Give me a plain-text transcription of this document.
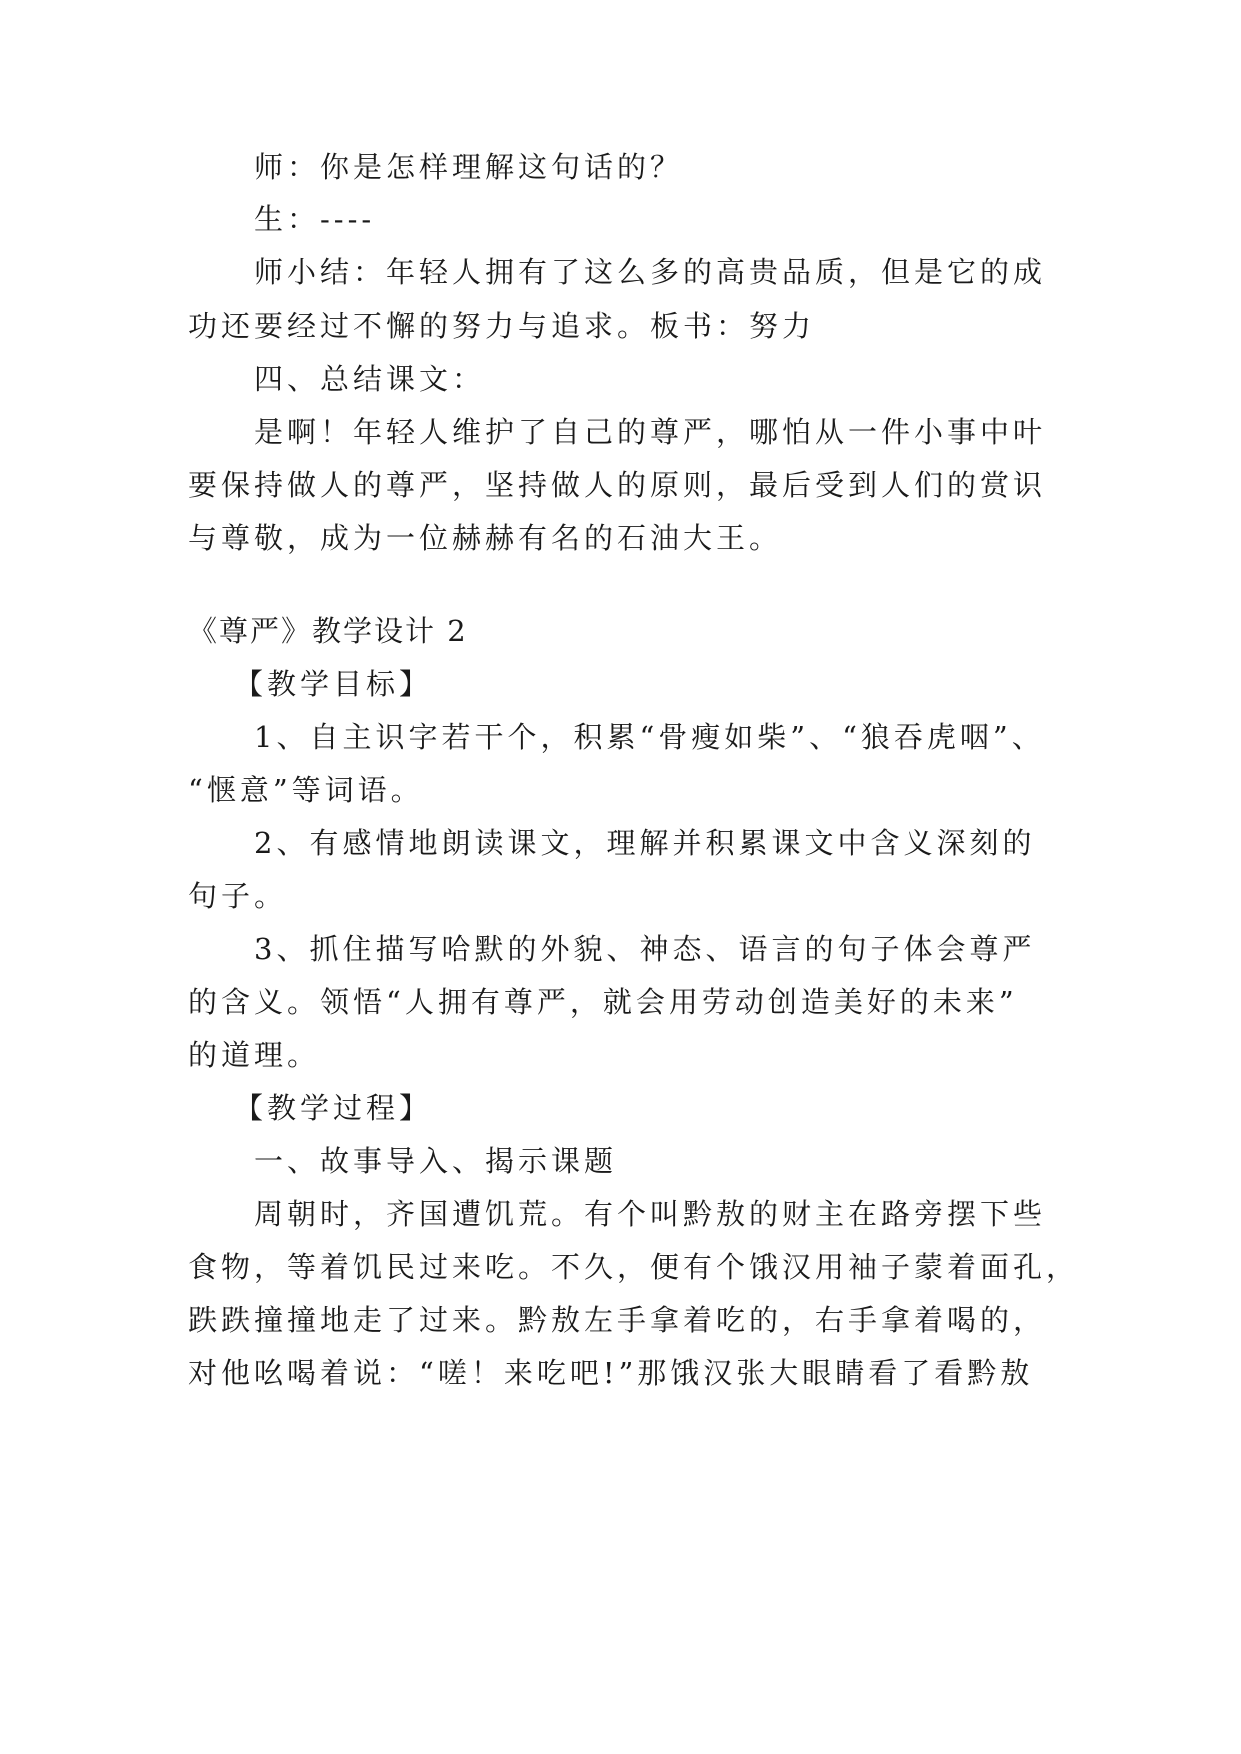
师：你是怎样理解这句话的？
生：----
师小结：年轻人拥有了这么多的高贵品质，但是它的成
功还要经过不懈的努力与追求。板书：努力
四、总结课文：
是啊！年轻人维护了自己的尊严，哪怕从一件小事中叶
要保持做人的尊严，坚持做人的原则，最后受到人们的赏识
与尊敬，成为一位赫赫有名的石油大王。
《尊严》教学设计 2
【教学目标】
1、自主识字若干个，积累“骨瘦如柴”、“狼吞虎咽”、
“惬意”等词语。
2、有感情地朗读课文，理解并积累课文中含义深刻的
句子。
3、抓住描写哈默的外貌、神态、语言的句子体会尊严
的含义。领悟“人拥有尊严，就会用劳动创造美好的未来”
的道理。
【教学过程】
一、故事导入、揭示课题
周朝时，齐国遭饥荒。有个叫黔敖的财主在路旁摆下些
食物，等着饥民过来吃。不久，便有个饿汉用袖子蒙着面孔，
跌跌撞撞地走了过来。黔敖左手拿着吃的，右手拿着喝的，
对他吆喝着说：“嗟！来吃吧!”那饿汉张大眼睛看了看黔敖
